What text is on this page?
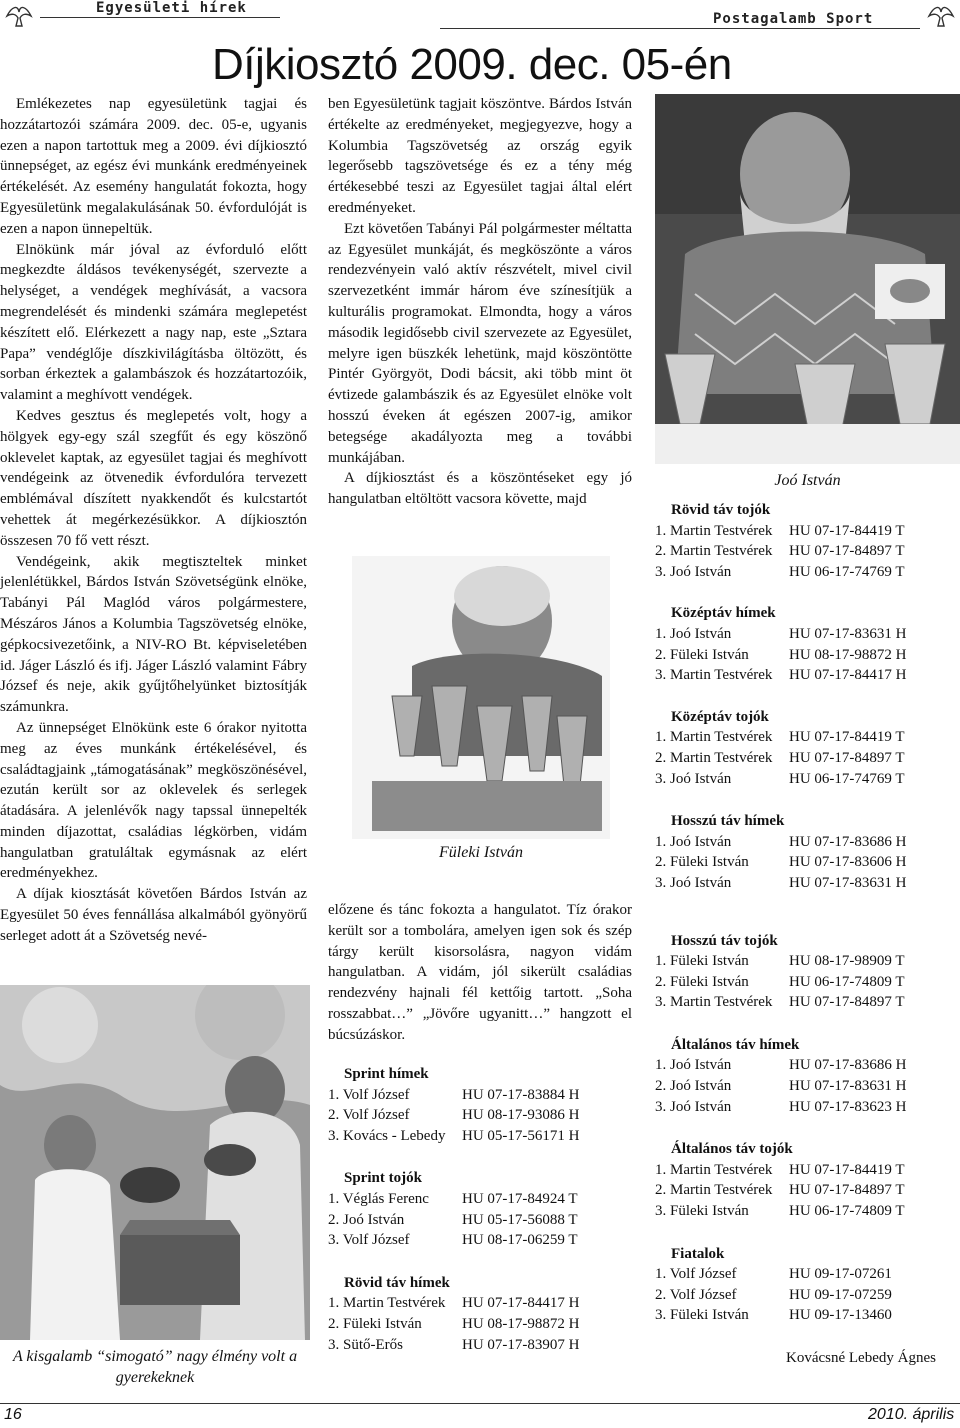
Egyesületi hírek
Postagalamb Sport
Díjkiosztó 2009. dec. 05-én

Emlékezetes nap egyesületünk tagjai és hozzátartozói számára 2009. dec. 05-e, ugyanis ezen a napon tartottuk meg a 2009. évi díjkiosztó ünnepséget, az egész évi munkánk eredményeinek értékelését. Az esemény hangulatát fokozta, hogy Egyesületünk megalakulásának 50. évfordulóját is ezen a napon ünnepeltük.

Elnökünk már jóval az évforduló előtt megkezdte áldásos tevékenységét, szervezte a helységet, a vendégek meghívását, a vacsora megrendelését és mindenki számára meglepetést készített elő. Elérkezett a nagy nap, este „Sztara Papa” vendéglője díszkivilágításba öltözött, és sorban érkeztek a galambászok és hozzátartozóik, valamint a meghívott vendégek.

Kedves gesztus és meglepetés volt, hogy a hölgyek egy-egy szál szegfűt és egy köszönő oklevelet kaptak, az egyesület tagjai és meghívott vendégeink az ötvenedik évfordulóra tervezett emblémával díszített nyakkendőt és kulcstartót vehettek át megérkezésükkor. A díjkiosztón összesen 70 fő vett részt.

Vendégeink, akik megtiszteltek minket jelenlétükkel, Bárdos István Szövetségünk elnöke, Tabányi Pál Maglód város polgármestere, Mészáros János a Kolumbia Tagszövetség elnöke, gépkocsivezetőink, a NIV-RO Bt. képviseletében id. Jáger László és ifj. Jáger László valamint Fábry József és neje, akik gyűjtőhelyünket biztosítják számunkra.

Az ünnepséget Elnökünk este 6 órakor nyitotta meg az éves munkánk értékelésével, és családtagjaink „támogatásának” megköszönésével, ezután került sor az oklevelek és serlegek átadására. A jelenlévők nagy tapssal ünnepelték minden díjazottat, családias légkörben, vidám hangulatban gratuláltak egymásnak az elért eredményekhez.

A díjak kiosztását követően Bárdos István az Egyesület 50 éves fennállása alkalmából gyönyörű serleget adott át a Szövetség nevé-

A kisgalamb “simogató” nagy élmény volt a gyerekeknek

ben Egyesületünk tagjait köszöntve. Bárdos István értékelte az eredményeket, megjegyezve, hogy a Kolumbia Tagszövetség az ország egyik legerősebb tagszövetsége és ez a tény még értékesebbé teszi az Egyesület tagjai által elért eredményeket.

Ezt követően Tabányi Pál polgármester méltatta az Egyesület munkáját, és megköszönte a város rendezvényein való aktív részvételt, mivel civil szervezetként immár három éve színesítjük a kulturális programokat. Elmondta, hogy a város második legidősebb civil szervezete az Egyesület, melyre igen büszkék lehetünk, majd köszöntötte Pintér Györgyöt, Dodi bácsit, aki több mint öt évtizede galambászik és az Egyesület elnöke volt hosszú éveken át egészen 2007-ig, amikor betegsége akadályozta meg a további munkájában.

A díjkiosztást és a köszöntéseket egy jó hangulatban eltöltött vacsora követte, majd

Füleki István

előzene és tánc fokozta a hangulatot. Tíz órakor került sor a tombolára, amelyen igen sok és szép tárgy került kisorsolásra, nagyon vidám hangulatban. A vidám, jól sikerült családias rendezvény hajnali fél kettőig tartott. „Soha rosszabbat…” „Jövőre ugyanitt…” hangzott el búcsúzáskor.

Sprint hímek
1. Volf József	HU 07-17-83884 H
2. Volf József	HU 08-17-93086 H
3. Kovács - Lebedy	HU 05-17-56171 H
Sprint tojók
1. Véglás Ferenc	HU 07-17-84924 T
2. Joó István	HU 05-17-56088 T
3. Volf József	HU 08-17-06259 T
Rövid táv hímek
1. Martin Testvérek	HU 07-17-84417 H
2. Füleki István	HU 08-17-98872 H
3. Sütő-Erős	HU 07-17-83907 H
Joó István
Rövid táv tojók
1. Martin Testvérek	HU 07-17-84419 T
2. Martin Testvérek	HU 07-17-84897 T
3. Joó István	HU 06-17-74769 T
Középtáv hímek
1. Joó István	HU 07-17-83631 H
2. Füleki István	HU 08-17-98872 H
3. Martin Testvérek	HU 07-17-84417 H
Középtáv tojók
1. Martin Testvérek	HU 07-17-84419 T
2. Martin Testvérek	HU 07-17-84897 T
3. Joó István	HU 06-17-74769 T
Hosszú táv hímek
1. Joó István	HU 07-17-83686 H
2. Füleki István	HU 07-17-83606 H
3. Joó István	HU 07-17-83631 H
Hosszú táv tojók
1. Füleki István	HU 08-17-98909 T
2. Füleki István	HU 06-17-74809 T
3. Martin Testvérek	HU 07-17-84897 T
Általános táv hímek
1. Joó István	HU 07-17-83686 H
2. Joó István	HU 07-17-83631 H
3. Joó István	HU 07-17-83623 H
Általános táv tojók
1. Martin Testvérek	HU 07-17-84419 T
2. Martin Testvérek	HU 07-17-84897 T
3. Füleki István	HU 06-17-74809 T
Fiatalok
1. Volf József	HU 09-17-07261
2. Volf József	HU 09-17-07259
3. Füleki István	HU 09-17-13460
Kovácsné Lebedy Ágnes
16	2010. április
